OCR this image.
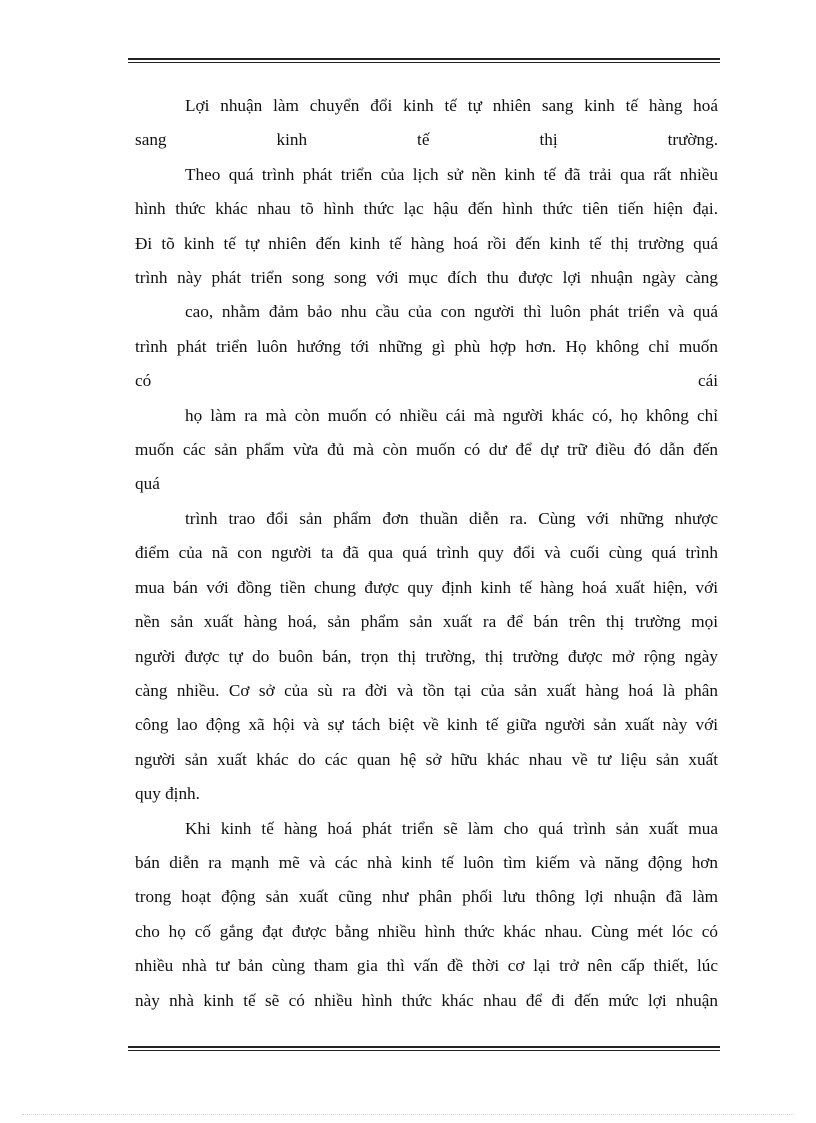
Lợi nhuận làm chuyển đổi kinh tế tự nhiên sang kinh tế hàng hoá

sang kinh tế thị trường.

Theo quá trình phát triển của lịch sử nền kinh tế đã trải qua rất nhiều

hình thức khác nhau tõ hình thức lạc hậu đến hình thức tiên tiến hiện đại.

Đi tõ kinh tế tự nhiên đến kinh tế hàng hoá rồi đến kinh tế thị trường quá

trình này phát triển song song với mục đích thu được lợi nhuận ngày càng

cao, nhằm đảm bảo nhu cầu của con người thì luôn phát triển và quá

trình phát triển luôn hướng tới những gì phù hợp hơn. Họ không chỉ muốn

có cái

họ làm ra mà còn muốn có nhiều cái mà người khác có, họ không chỉ

muốn các sản phẩm vừa đủ mà còn muốn có dư để dự trữ điều đó dẫn đến

quá

trình trao đổi sản phẩm đơn thuần diễn ra. Cùng với những nhược

điểm của nã con người ta đã qua quá trình quy đổi và cuối cùng quá trình

mua bán với đồng tiền chung được quy định kinh tế hàng hoá xuất hiện, với

nền sản xuất hàng hoá, sản phẩm sản xuất ra để bán trên thị trường mọi

người được tự do buôn bán, trọn thị trường, thị trường được mở rộng ngày

càng nhiều. Cơ sở của sù ra đời và tồn tại của sản xuất hàng hoá là phân

công lao động xã hội và sự tách biệt về kinh tế giữa người sản xuất này với

người sản xuất khác do các quan hệ sở hữu khác nhau về tư liệu sản xuất

quy định.

Khi kinh tế hàng hoá phát triển sẽ làm cho quá trình sản xuất mua

bán diễn ra mạnh mẽ và các nhà kinh tế luôn tìm kiếm và năng động hơn

trong hoạt động sản xuất cũng như phân phối lưu thông lợi nhuận đã làm

cho họ cố gắng đạt được bằng nhiều hình thức khác nhau. Cùng mét lóc có

nhiều nhà tư bản cùng tham gia thì vấn đề thời cơ lại trở nên cấp thiết, lúc

này nhà kinh tế sẽ có nhiều hình thức khác nhau để đi đến mức lợi nhuận
